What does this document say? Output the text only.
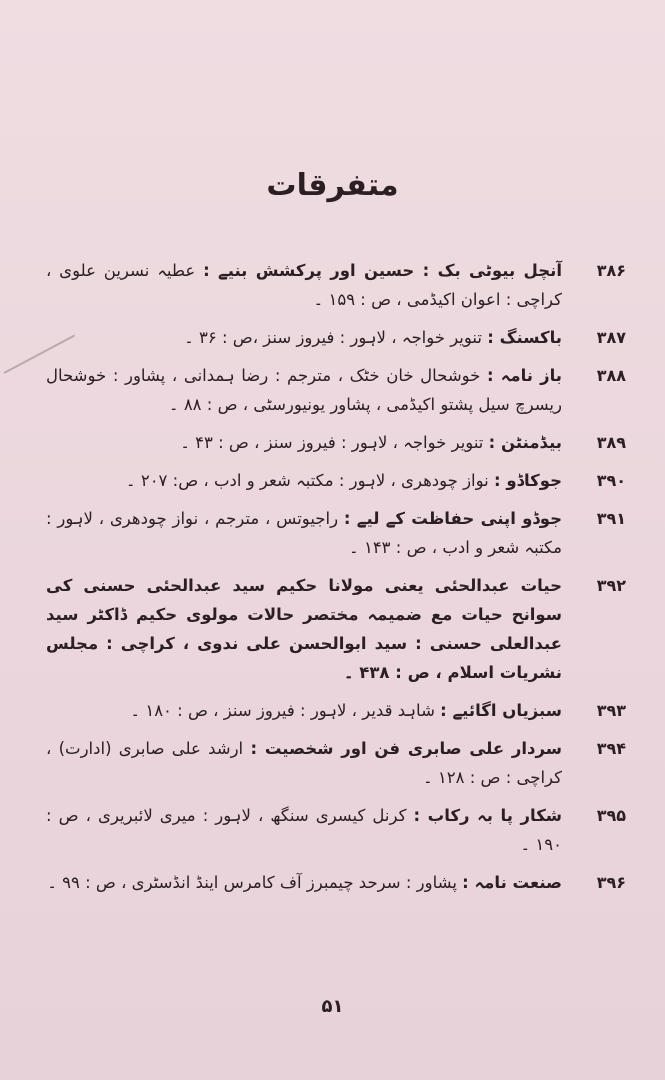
متفرقات
۳۸۶
آنچل بیوٹی بک : حسین اور پرکشش بنیے : عطیہ نسرین علوی ، کراچی : اعوان اکیڈمی ، ص : ۱۵۹ ۔
۳۸۷
باکسنگ : تنویر خواجہ ، لاہور : فیروز سنز ،ص : ۳۶ ۔
۳۸۸
باز نامہ : خوشحال خان خٹک ، مترجم : رضا ہمدانی ، پشاور : خوشحال ریسرچ سیل پشتو اکیڈمی ، پشاور یونیورسٹی ، ص : ۸۸ ۔
۳۸۹
بیڈمنٹن : تنویر خواجہ ، لاہور : فیروز سنز ، ص : ۴۳ ۔
۳۹۰
جوکاڈو : نواز چودھری ، لاہور : مکتبہ شعر و ادب ، ص: ۲۰۷ ۔
۳۹۱
جوڈو اپنی حفاظت کے لیے : راجیوتس ، مترجم ، نواز چودھری ، لاہور : مکتبہ شعر و ادب ، ص : ۱۴۳ ۔
۳۹۲
حیات عبدالحئی یعنی مولانا حکیم سید عبدالحئی حسنی کی سوانح حیات مع ضمیمہ مختصر حالات مولوی حکیم ڈاکٹر سید عبدالعلی حسنی : سید ابوالحسن علی ندوی ، کراچی : مجلس نشریات اسلام ، ص : ۴۳۸ ۔
۳۹۳
سبزیاں اگائیے : شاہد قدیر ، لاہور : فیروز سنز ، ص : ۱۸۰ ۔
۳۹۴
سردار علی صابری فن اور شخصیت : ارشد علی صابری (ادارت) ، کراچی : ص : ۱۲۸ ۔
۳۹۵
شکار پا بہ رکاب : کرنل کیسری سنگھ ، لاہور : میری لائبریری ، ص : ۱۹۰ ۔
۳۹۶
صنعت نامہ : پشاور : سرحد چیمبرز آف کامرس اینڈ انڈسٹری ، ص : ۹۹ ۔
۵۱
